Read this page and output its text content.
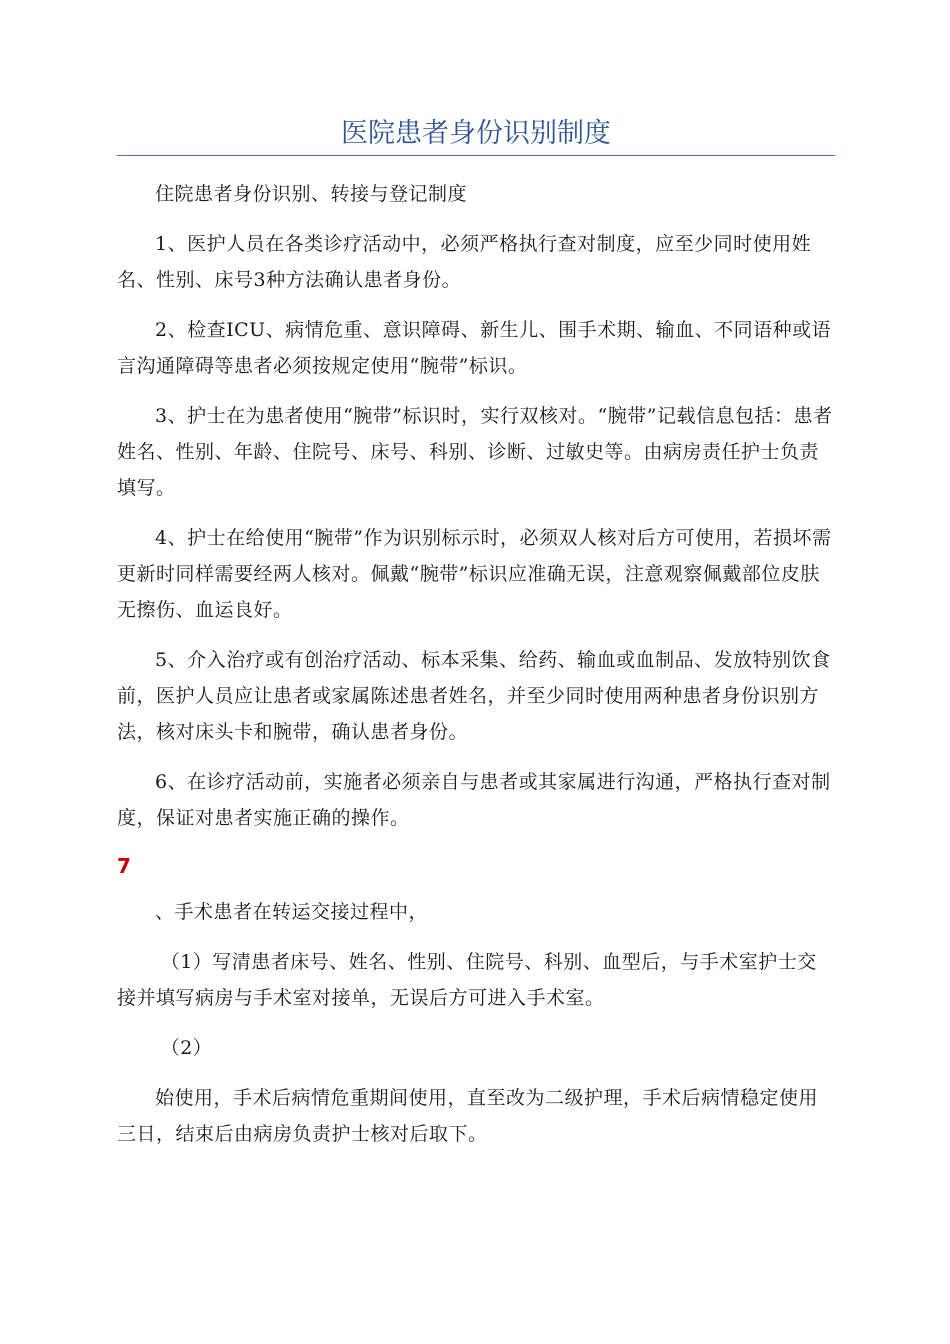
医院患者身份识别制度

住院患者身份识别、转接与登记制度

1、医护人员在各类诊疗活动中，必须严格执行查对制度，应至少同时使用姓名、性别、床号3种方法确认患者身份。

2、检查ICU、病情危重、意识障碍、新生儿、围手术期、输血、不同语种或语言沟通障碍等患者必须按规定使用“腕带”标识。

3、护士在为患者使用“腕带”标识时，实行双核对。“腕带”记载信息包括：患者姓名、性别、年龄、住院号、床号、科别、诊断、过敏史等。由病房责任护士负责填写。

4、护士在给使用“腕带”作为识别标示时，必须双人核对后方可使用，若损坏需更新时同样需要经两人核对。佩戴“腕带”标识应准确无误，注意观察佩戴部位皮肤无擦伤、血运良好。

5、介入治疗或有创治疗活动、标本采集、给药、输血或血制品、发放特别饮食前，医护人员应让患者或家属陈述患者姓名，并至少同时使用两种患者身份识别方法，核对床头卡和腕带，确认患者身份。

6、在诊疗活动前，实施者必须亲自与患者或其家属进行沟通，严格执行查对制度，保证对患者实施正确的操作。

7

、手术患者在转运交接过程中，

（1）写清患者床号、姓名、性别、住院号、科别、血型后，与手术室护士交接并填写病房与手术室对接单，无误后方可进入手术室。

（2）

始使用，手术后病情危重期间使用，直至改为二级护理，手术后病情稳定使用三日，结束后由病房负责护士核对后取下。
